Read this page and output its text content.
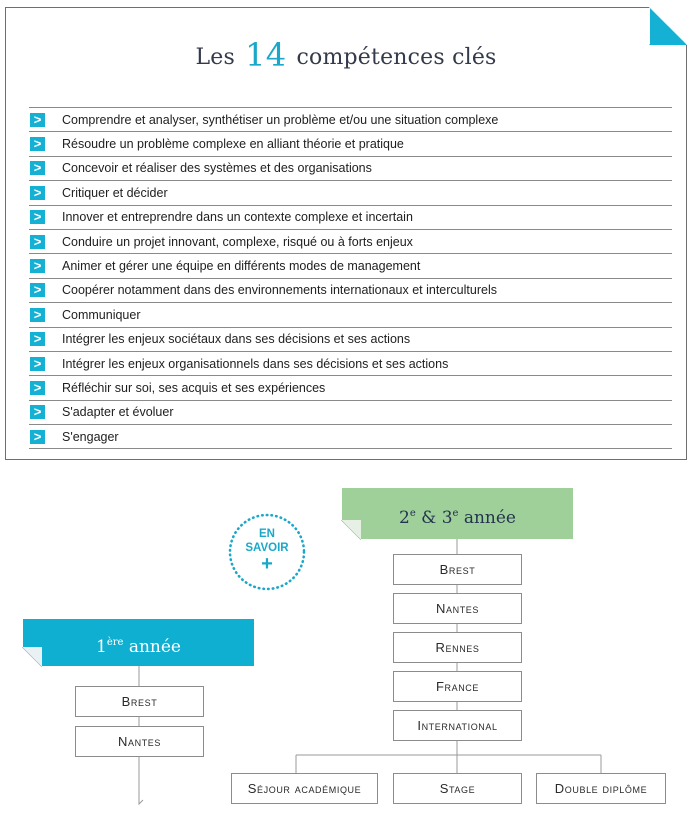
Les 14 compétences clés
> Comprendre et analyser, synthétiser un problème et/ou une situation complexe
> Résoudre un problème complexe en alliant théorie et pratique
> Concevoir et réaliser des systèmes et des organisations
> Critiquer et décider
> Innover et entreprendre dans un contexte complexe et incertain
> Conduire un projet innovant, complexe, risqué ou à forts enjeux
> Animer et gérer une équipe en différents modes de management
> Coopérer notamment dans des environnements internationaux et interculturels
> Communiquer
> Intégrer les enjeux sociétaux dans ses décisions et ses actions
> Intégrer les enjeux organisationnels dans ses décisions et ses actions
> Réfléchir sur soi, ses acquis et ses expériences
> S'adapter et évoluer
> S'engager
EN
SAVOIR
+
1ère année
Brest
Nantes
2e & 3e année
Brest
Nantes
Rennes
France
International
Séjour académique	Stage	Double diplôme
